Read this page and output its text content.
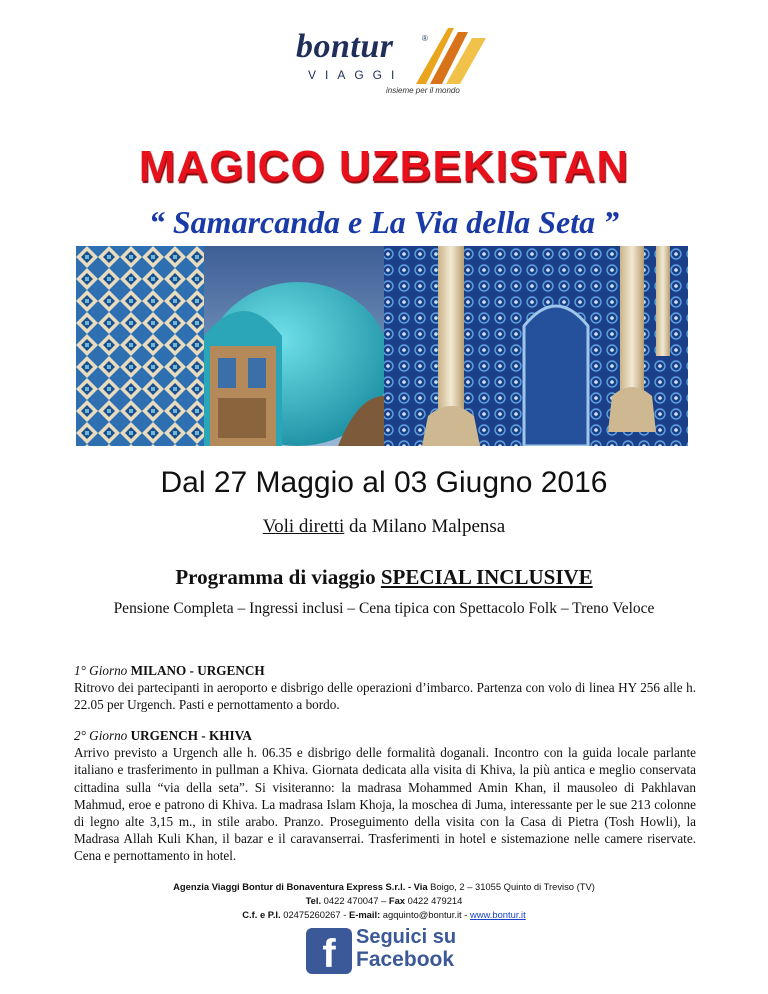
bontur	®
VIAGGI
insieme per il mondo
MAGICO UZBEKISTAN
“ Samarcanda e La Via della Seta ”
Dal 27 Maggio al 03 Giugno 2016
Voli diretti da Milano Malpensa
Programma di viaggio SPECIAL INCLUSIVE
Pensione Completa – Ingressi inclusi – Cena tipica con Spettacolo Folk – Treno Veloce
1° Giorno MILANO - URGENCH
Ritrovo dei partecipanti in aeroporto e disbrigo delle operazioni d’imbarco. Partenza con volo di linea HY 256 alle h. 22.05 per Urgench. Pasti e pernottamento a bordo.
2° Giorno URGENCH - KHIVA
Arrivo previsto a Urgench alle h. 06.35 e disbrigo delle formalità doganali. Incontro con la guida locale parlante italiano e trasferimento in pullman a Khiva. Giornata dedicata alla visita di Khiva, la più antica e meglio conservata cittadina sulla “via della seta”. Si visiteranno: la madrasa Mohammed Amin Khan, il mausoleo di Pakhlavan Mahmud, eroe e patrono di Khiva. La madrasa Islam Khoja, la moschea di Juma, interessante per le sue 213 colonne di legno alte 3,15 m., in stile arabo. Pranzo. Proseguimento della visita con la Casa di Pietra (Tosh Howli), la Madrasa Allah Kuli Khan, il bazar e il caravanserrai. Trasferimenti in hotel e sistemazione nelle camere riservate. Cena e pernottamento in hotel.
Agenzia Viaggi Bontur di Bonaventura Express S.r.l. - Via Boigo, 2 – 31055 Quinto di Treviso (TV)
Tel. 0422 470047 – Fax 0422 479214
C.f. e P.I. 02475260267 - E-mail: agquinto@bontur.it - www.bontur.it
f	Seguici su
Facebook
